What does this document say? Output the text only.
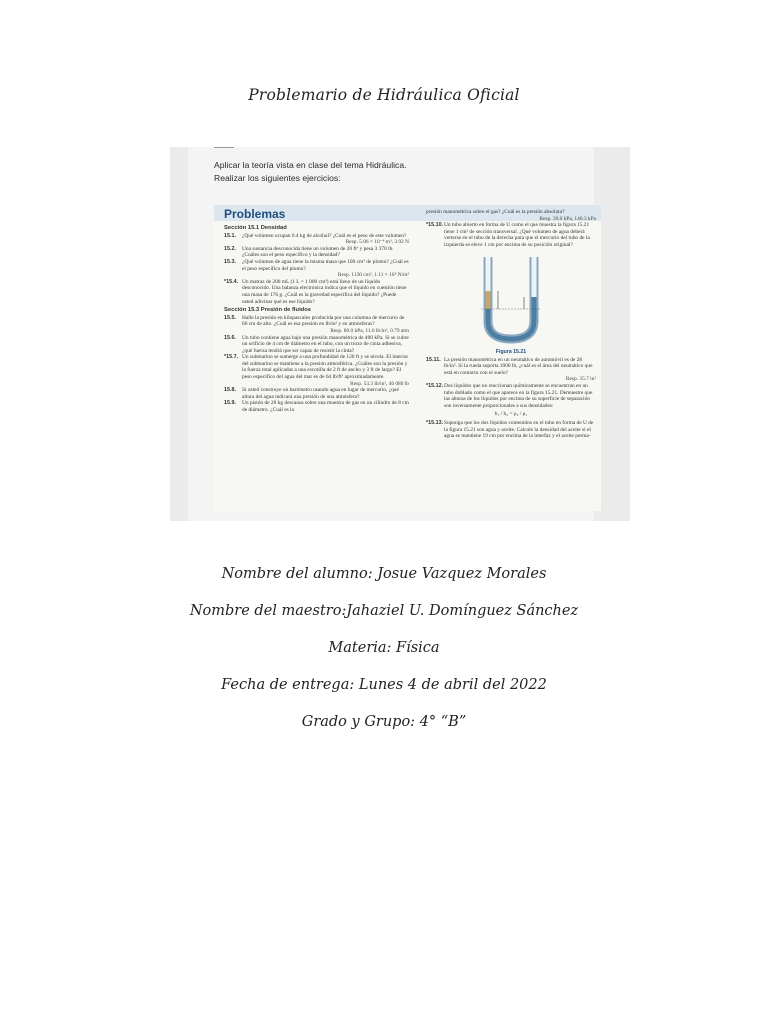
Problemario de Hidráulica Oficial
Aplicar la teoría vista en clase del tema Hidráulica.
Realizar los siguientes ejercicios:
Problemas
Sección 15.1 Densidad
15.1.	¿Qué volumen ocupan 0.4 kg de alcohol? ¿Cuál es el peso de este volumen?
Resp. 5.06 × 10⁻⁴ m³, 3.92 N
15.2.	Una sustancia desconocida tiene un volumen de 20 ft³ y pesa 3 370 lb. ¿Cuáles son el peso específico y la densidad?
15.3.	¿Qué volumen de agua tiene la misma masa que 100 cm³ de plomo? ¿Cuál es el peso específico del plomo?
Resp. 1130 cm³, 1.11 × 10⁵ N/m³
*15.4. Un matraz de 200 mL (1 L = 1 000 cm³) está lleno de un líquido desconocido. Una balanza electrónica indica que el líquido en cuestión tiene una masa de 176 g. ¿Cuál es la gravedad específica del líquido? ¿Puede usted adivinar qué es ese líquido?
Sección 15.3 Presión de fluidos
15.5.	Halle la presión en kilopascales producida por una columna de mercurio de 60 cm de alto. ¿Cuál es esa presión en lb/in² y en atmósferas?
Resp. 80.0 kPa, 11.6 lb/in², 0.79 atm
15.6.	Un tubo contiene agua bajo una presión manométrica de 400 kPa. Si se cubre un orificio de 4 cm de diámetro en el tubo, con un trozo de cinta adhesiva, ¿qué fuerza tendrá que ser capaz de resistir la cinta?
*15.7. Un submarino se sumerge a una profundidad de 120 ft y se nivela. El interior del submarino se mantiene a la presión atmosférica. ¿Cuáles son la presión y la fuerza total aplicadas a una escotilla de 2 ft de ancho y 3 ft de largo? El peso específico del agua del mar es de 64 lb/ft³ aproximadamente.
Resp. 53.3 lb/in², 46 080 lb
15.8.	Si usted construye un barómetro usando agua en lugar de mercurio, ¿qué altura del agua indicará una presión de una atmósfera?
15.9.	Un pistón de 20 kg descansa sobre una muestra de gas en un cilindro de 8 cm de diámetro. ¿Cuál es la
presión manométrica sobre el gas? ¿Cuál es la presión absoluta?
Resp. 39.0 kPa, 140.3 kPa
*15.10. Un tubo abierto en forma de U como el que muestra la figura 15.21 tiene 1 cm² de sección transversal. ¿Qué volumen de agua deberá verterse en el tubo de la derecha para que el mercurio del tubo de la izquierda se eleve 1 cm por encima de su posición original?
Figura 15.21
15.11. La presión manométrica en un neumático de automóvil es de 28 lb/in². Si la rueda soporta 1000 lb, ¿cuál es el área del neumático que está en contacto con el suelo?
Resp. 35.7 in²
*15.12. Dos líquidos que no reaccionan químicamente se encuentran en un tubo doblado como el que aparece en la figura 15.21. Demuestre que las alturas de los líquidos por encima de su superficie de separación son inversamente proporcionales a sus densidades:
h₁ / h₂ = ρ₂ / ρ₁
*15.13. Suponga que los dos líquidos contenidos en el tubo en forma de U de la figura 15.21 son agua y aceite. Calcule la densidad del aceite si el agua se mantiene 19 cm por encima de la interfaz y el aceite perma-
Nombre del alumno: Josue Vazquez Morales
Nombre del maestro:Jahaziel U. Domínguez Sánchez
Materia: Física
Fecha de entrega: Lunes 4 de abril del 2022
Grado y Grupo: 4° “B”
